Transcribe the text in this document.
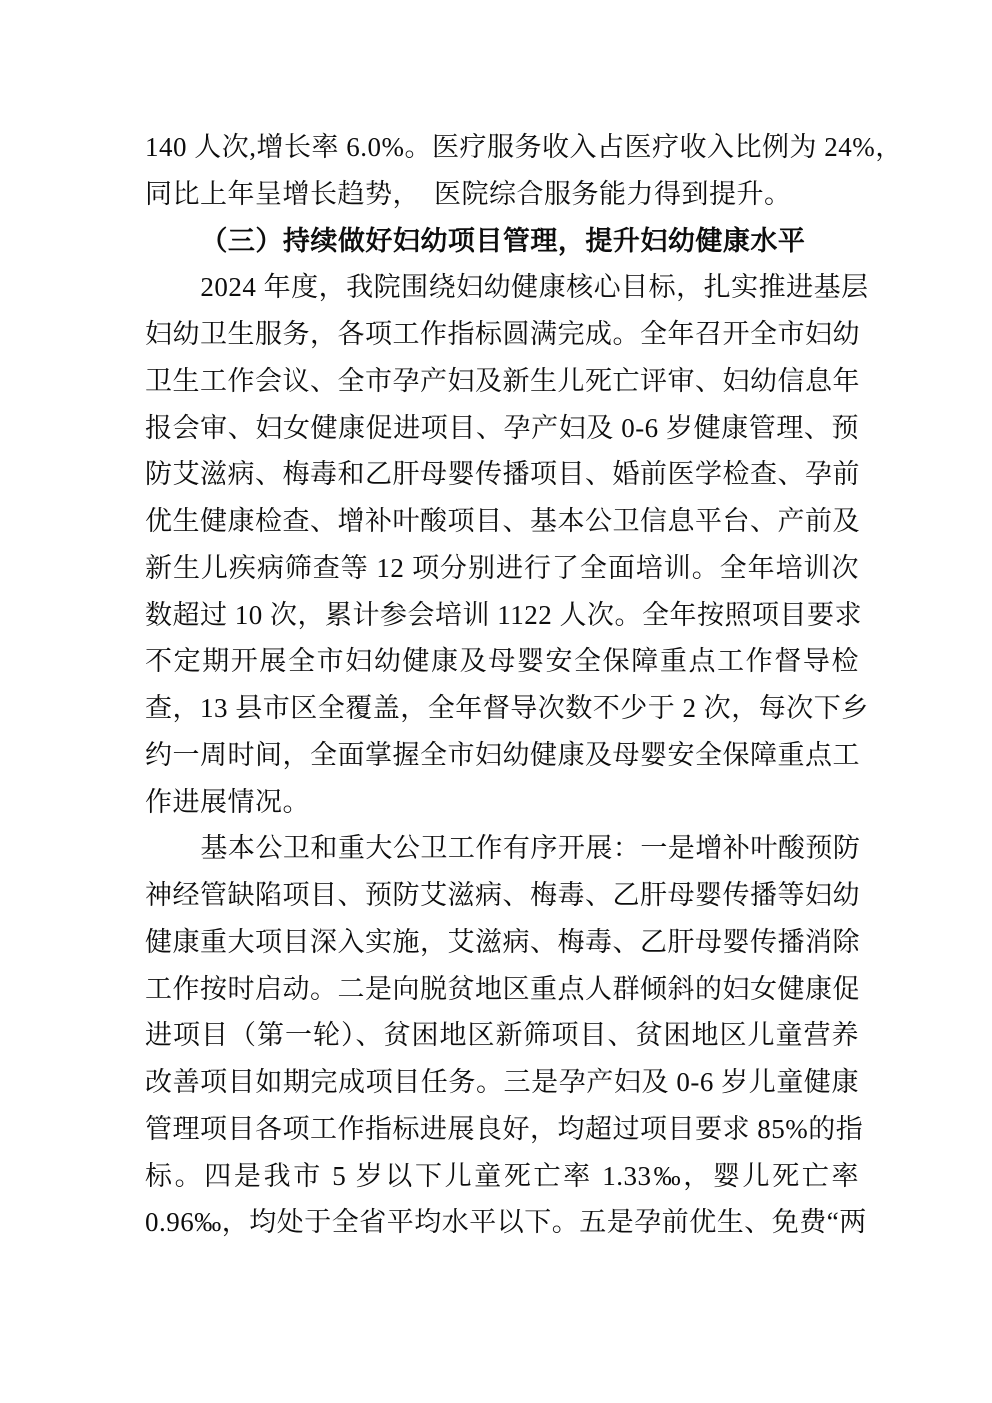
140 人次,增长率 6.0%。医疗服务收入占医疗收入比例为 24%，
同比上年呈增长趋势，　医院综合服务能力得到提升。
（三）持续做好妇幼项目管理，提升妇幼健康水平
2024 年度，我院围绕妇幼健康核心目标，扎实推进基层
妇幼卫生服务，各项工作指标圆满完成。全年召开全市妇幼
卫生工作会议、全市孕产妇及新生儿死亡评审、妇幼信息年
报会审、妇女健康促进项目、孕产妇及 0-6 岁健康管理、预
防艾滋病、梅毒和乙肝母婴传播项目、婚前医学检查、孕前
优生健康检查、增补叶酸项目、基本公卫信息平台、产前及
新生儿疾病筛查等 12 项分别进行了全面培训。全年培训次
数超过 10 次，累计参会培训 1122 人次。全年按照项目要求
不定期开展全市妇幼健康及母婴安全保障重点工作督导检
查，13 县市区全覆盖，全年督导次数不少于 2 次，每次下乡
约一周时间，全面掌握全市妇幼健康及母婴安全保障重点工
作进展情况。
基本公卫和重大公卫工作有序开展：一是增补叶酸预防
神经管缺陷项目、预防艾滋病、梅毒、乙肝母婴传播等妇幼
健康重大项目深入实施，艾滋病、梅毒、乙肝母婴传播消除
工作按时启动。二是向脱贫地区重点人群倾斜的妇女健康促
进项目（第一轮）、贫困地区新筛项目、贫困地区儿童营养
改善项目如期完成项目任务。三是孕产妇及 0-6 岁儿童健康
管理项目各项工作指标进展良好，均超过项目要求 85%的指
标。四是我市 5 岁以下儿童死亡率 1.33‰，婴儿死亡率
0.96‰，均处于全省平均水平以下。五是孕前优生、免费“两
